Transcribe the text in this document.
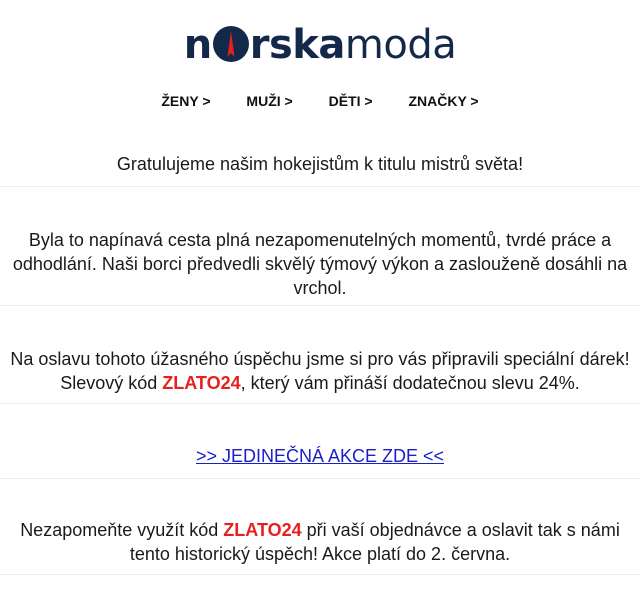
n rskamoda
ŽENY >	MUŽI >	DĚTI >	ZNAČKY >
Gratulujeme našim hokejistům k titulu mistrů světa!
Byla to napínavá cesta plná nezapomenutelných momentů, tvrdé práce a odhodlání. Naši borci předvedli skvělý týmový výkon a zaslouženě dosáhli na vrchol.
Na oslavu tohoto úžasného úspěchu jsme si pro vás připravili speciální dárek! Slevový kód ZLATO24, který vám přináší dodatečnou slevu 24%.
>> JEDINEČNÁ AKCE ZDE <<
Nezapomeňte využít kód ZLATO24 při vaší objednávce a oslavit tak s námi tento historický úspěch! Akce platí do 2. června.
